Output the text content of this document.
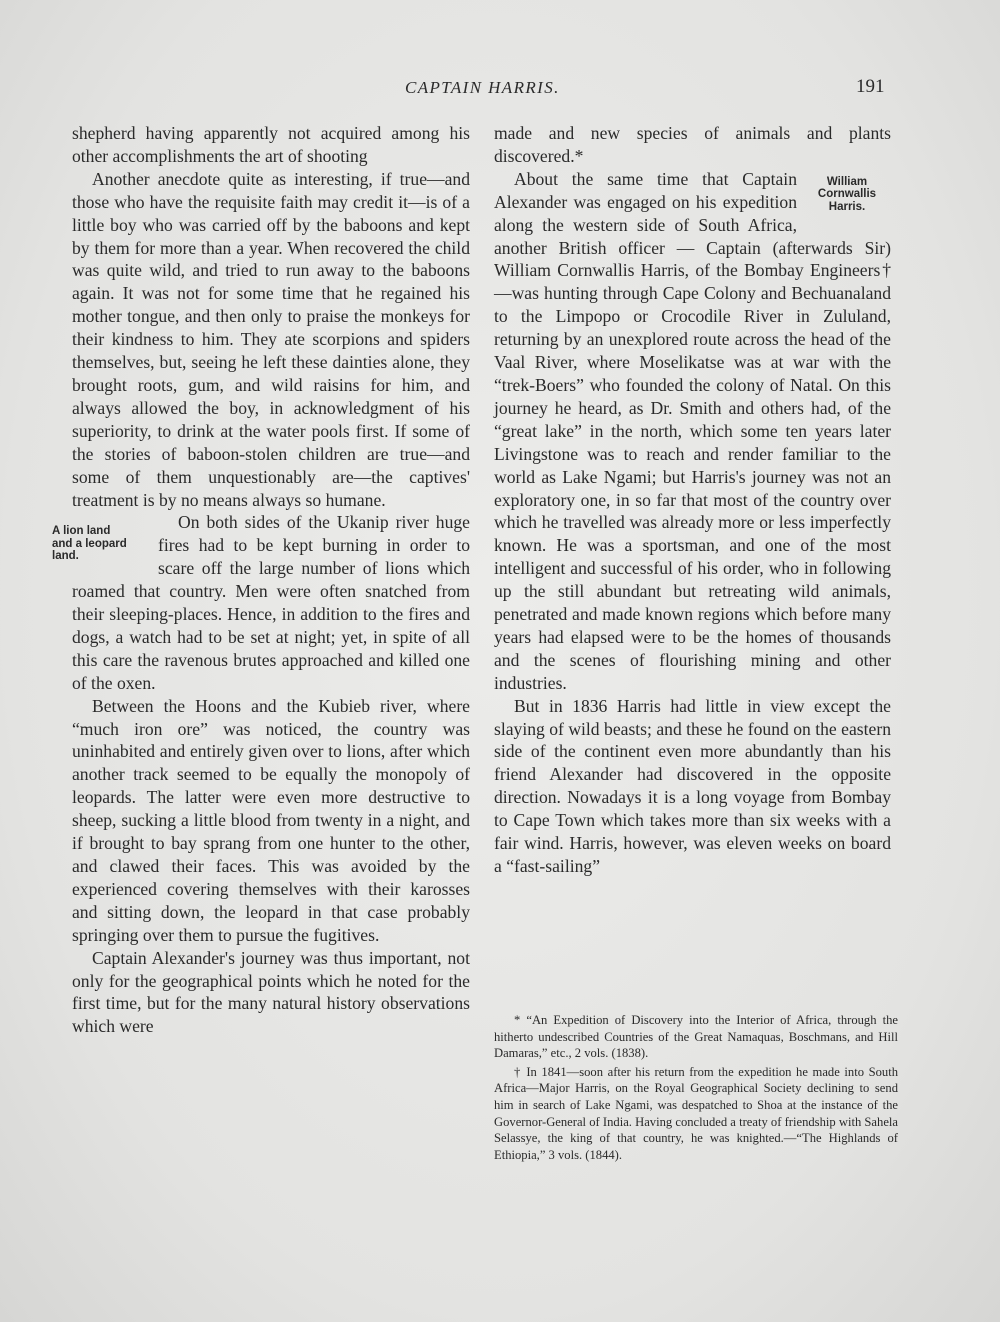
CAPTAIN HARRIS.	191

shepherd having apparently not acquired among his other accomplishments the art of shooting

Another anecdote quite as interesting, if true—and those who have the requisite faith may credit it—is of a little boy who was carried off by the baboons and kept by them for more than a year. When recovered the child was quite wild, and tried to run away to the baboons again. It was not for some time that he regained his mother tongue, and then only to praise the monkeys for their kindness to him. They ate scorpions and spiders themselves, but, seeing he left these dainties alone, they brought roots, gum, and wild raisins for him, and always allowed the boy, in acknowledgment of his superiority, to drink at the water pools first. If some of the stories of baboon-stolen children are true—and some of them unquestionably are—the captives' treatment is by no means always so humane.

A lion land
and a leopard
land.

On both sides of the Ukanip river huge fires had to be kept burning in order to scare off the large number of lions which roamed that country. Men were often snatched from their sleeping-places. Hence, in addition to the fires and dogs, a watch had to be set at night; yet, in spite of all this care the ravenous brutes approached and killed one of the oxen.

Between the Hoons and the Kubieb river, where “much iron ore” was noticed, the country was uninhabited and entirely given over to lions, after which another track seemed to be equally the monopoly of leopards. The latter were even more destructive to sheep, sucking a little blood from twenty in a night, and if brought to bay sprang from one hunter to the other, and clawed their faces. This was avoided by the experienced covering themselves with their karosses and sitting down, the leopard in that case probably springing over them to pursue the fugitives.

Captain Alexander's journey was thus important, not only for the geographical points which he noted for the first time, but for the many natural history observations which were

made and new species of animals and plants discovered.*

William
Cornwallis
Harris.

About the same time that Captain Alexander was engaged on his expedition along the western side of South Africa, another British officer — Captain (afterwards Sir) William Cornwallis Harris, of the Bombay Engineers†—was hunting through Cape Colony and Bechuanaland to the Limpopo or Crocodile River in Zululand, returning by an unexplored route across the head of the Vaal River, where Moselikatse was at war with the “trek-Boers” who founded the colony of Natal. On this journey he heard, as Dr. Smith and others had, of the “great lake” in the north, which some ten years later Livingstone was to reach and render familiar to the world as Lake Ngami; but Harris's journey was not an exploratory one, in so far that most of the country over which he travelled was already more or less imperfectly known. He was a sportsman, and one of the most intelligent and successful of his order, who in following up the still abundant but retreating wild animals, penetrated and made known regions which before many years had elapsed were to be the homes of thousands and the scenes of flourishing mining and other industries.

But in 1836 Harris had little in view except the slaying of wild beasts; and these he found on the eastern side of the continent even more abundantly than his friend Alexander had discovered in the opposite direction. Nowadays it is a long voyage from Bombay to Cape Town which takes more than six weeks with a fair wind. Harris, however, was eleven weeks on board a “fast-sailing”

* “An Expedition of Discovery into the Interior of Africa, through the hitherto undescribed Countries of the Great Namaquas, Boschmans, and Hill Damaras,” etc., 2 vols. (1838).

† In 1841—soon after his return from the expedition he made into South Africa—Major Harris, on the Royal Geographical Society declining to send him in search of Lake Ngami, was despatched to Shoa at the instance of the Governor-General of India. Having concluded a treaty of friendship with Sahela Selassye, the king of that country, he was knighted.—“The Highlands of Ethiopia,” 3 vols. (1844).
